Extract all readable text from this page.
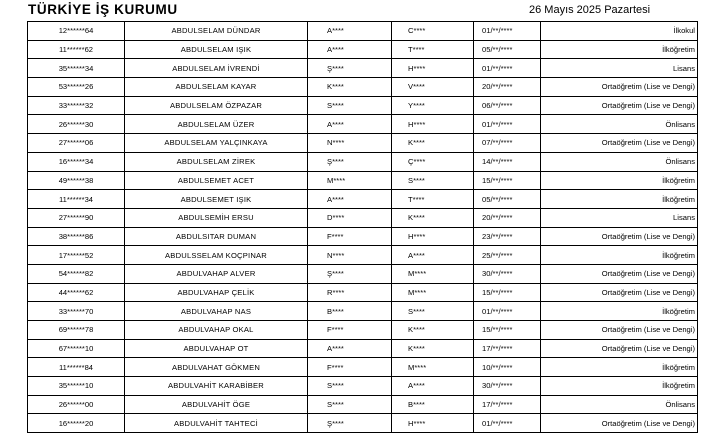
TÜRKİYE İŞ KURUMU	26 Mayıs 2025 Pazartesi
12******64	ABDULSELAM DÜNDAR	A****	C****	01/**/****	İlkokul
11******62	ABDULSELAM IŞIK	A****	T****	05/**/****	İlköğretim
35******34	ABDULSELAM İVRENDİ	Ş****	H****	01/**/****	Lisans
53******26	ABDULSELAM KAYAR	K****	V****	20/**/****	Ortaöğretim (Lise ve Dengi)
33******32	ABDULSELAM ÖZPAZAR	S****	Y****	06/**/****	Ortaöğretim (Lise ve Dengi)
26******30	ABDULSELAM ÜZER	A****	H****	01/**/****	Önlisans
27******06	ABDULSELAM YALÇINKAYA	N****	K****	07/**/****	Ortaöğretim (Lise ve Dengi)
16******34	ABDULSELAM ZİREK	Ş****	Ç****	14/**/****	Önlisans
49******38	ABDULSEMET ACET	M****	S****	15/**/****	İlköğretim
11******34	ABDULSEMET IŞIK	A****	T****	05/**/****	İlköğretim
27******90	ABDULSEMİH ERSU	D****	K****	20/**/****	Lisans
38******86	ABDULSITAR DUMAN	F****	H****	23/**/****	Ortaöğretim (Lise ve Dengi)
17******52	ABDULSSELAM KOÇPINAR	N****	A****	25/**/****	İlköğretim
54******82	ABDULVAHAP ALVER	Ş****	M****	30/**/****	Ortaöğretim (Lise ve Dengi)
44******62	ABDULVAHAP ÇELİK	R****	M****	15/**/****	Ortaöğretim (Lise ve Dengi)
33******70	ABDULVAHAP NAS	B****	S****	01/**/****	İlköğretim
69******78	ABDULVAHAP OKAL	F****	K****	15/**/****	Ortaöğretim (Lise ve Dengi)
67******10	ABDULVAHAP OT	A****	K****	17/**/****	Ortaöğretim (Lise ve Dengi)
11******84	ABDULVAHAT GÖKMEN	F****	M****	10/**/****	İlköğretim
35******10	ABDULVAHİT KARABİBER	S****	A****	30/**/****	İlköğretim
26******00	ABDULVAHİT ÖGE	S****	B****	17/**/****	Önlisans
16******20	ABDULVAHİT TAHTECİ	Ş****	H****	01/**/****	Ortaöğretim (Lise ve Dengi)
